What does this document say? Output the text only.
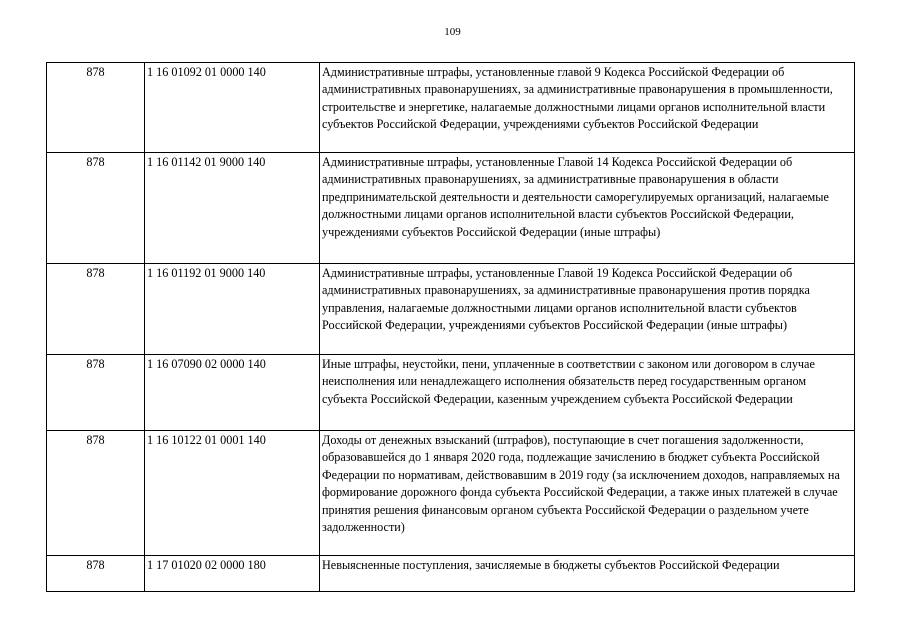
109
878	1 16 01092 01 0000 140	Административные штрафы, установленные главой 9 Кодекса Российской Федерации об административных правонарушениях, за административные правонарушения в промышленности, строительстве и энергетике, налагаемые должностными лицами органов исполнительной власти субъектов Российской Федерации, учреждениями субъектов Российской Федерации
878	1 16 01142 01 9000 140	Административные штрафы, установленные Главой 14 Кодекса Российской Федерации об административных правонарушениях, за административные правонарушения в области предпринимательской деятельности и деятельности саморегулируемых организаций, налагаемые должностными лицами органов исполнительной власти субъектов Российской Федерации, учреждениями субъектов Российской Федерации (иные штрафы)
878	1 16 01192 01 9000 140	Административные штрафы, установленные Главой 19 Кодекса Российской Федерации об административных правонарушениях, за административные правонарушения против порядка управления, налагаемые должностными лицами органов исполнительной власти субъектов Российской Федерации, учреждениями субъектов Российской Федерации (иные штрафы)
878	1 16 07090 02 0000 140	Иные штрафы, неустойки, пени, уплаченные в соответствии с законом или договором в случае неисполнения или ненадлежащего исполнения обязательств перед государственным органом субъекта Российской Федерации, казенным учреждением субъекта Российской Федерации
878	1 16 10122 01 0001 140	Доходы от денежных взысканий (штрафов), поступающие в счет погашения задолженности, образовавшейся до 1 января 2020 года, подлежащие зачислению в бюджет субъекта Российской Федерации по нормативам, действовавшим в 2019 году (за исключением доходов, направляемых на формирование дорожного фонда субъекта Российской Федерации, а также иных платежей в случае принятия решения финансовым органом субъекта Российской Федерации о раздельном учете задолженности)
878	1 17 01020 02 0000 180	Невыясненные поступления, зачисляемые в бюджеты субъектов Российской Федерации
